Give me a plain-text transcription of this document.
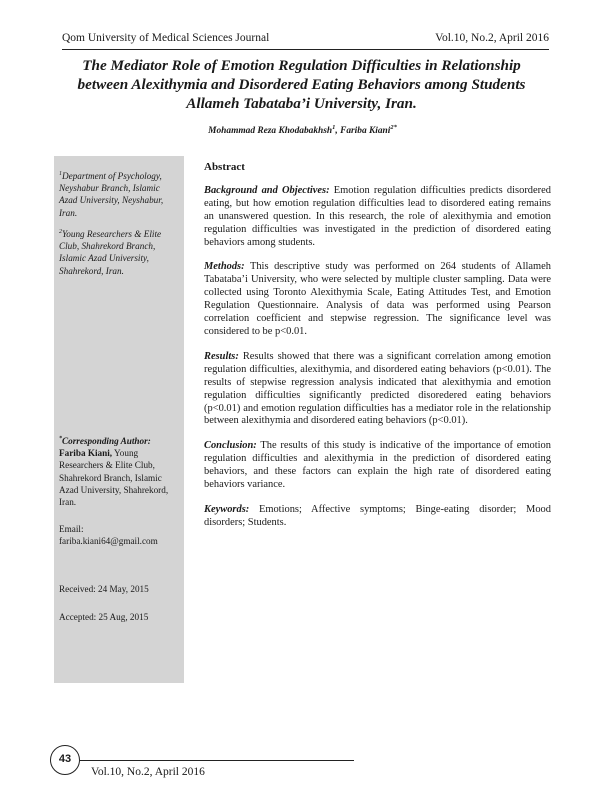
Qom University of Medical Sciences Journal	Vol.10, No.2, April 2016
The Mediator Role of Emotion Regulation Difficulties in Relationship
between Alexithymia and Disordered Eating Behaviors among Students
Allameh Tabataba’i University, Iran.
Mohammad Reza Khodabakhsh$^1$, Fariba Kiani$^{2*}$

$^1$Department of Psychology, Neyshabur Branch, Islamic Azad University, Neyshabur, Iran.

$^2$Young Researchers & Elite Club, Shahrekord Branch, Islamic Azad University, Shahrekord, Iran.

*Corresponding Author:
Fariba Kiani, Young Researchers & Elite Club, Shahrekord Branch, Islamic Azad University, Shahrekord, Iran.
Email:
fariba.kiani64@gmail.com
Received: 24 May, 2015
Accepted: 25 Aug, 2015

Abstract

Background and Objectives: Emotion regulation difficulties predicts disordered eating, but how emotion regulation difficulties lead to disordered eating remains an unanswered question. In this research, the role of alexithymia and emotion regulation difficulties was investigated in the prediction of disordered eating behaviors among students.

Methods: This descriptive study was performed on 264 students of Allameh Tabataba’i University, who were selected by multiple cluster sampling. Data were collected using Toronto Alexithymia Scale, Eating Attitudes Test, and Emotion Regulation Questionnaire. Analysis of data was performed using Pearson correlation coefficient and stepwise regression. The significance level was considered to be p<0.01.

Results: Results showed that there was a significant correlation among emotion regulation difficulties, alexithymia, and disordered eating behaviors (p<0.01). The results of stepwise regression analysis indicated that alexithymia and emotion regulation difficulties significantly predicted disoredered eating behaviors (p<0.01) and emotion regulation difficulties has a mediator role in the relationship between alexithymia and disordered eating behaviors (p<0.01).

Conclusion: The results of this study is indicative of the importance of emotion regulation difficulties and alexithymia in the prediction of disordered eating behaviors, and these factors can explain the high rate of disordered eating behaviors variance.

Keywords: Emotions; Affective symptoms; Binge-eating disorder; Mood disorders; Students.

43
Vol.10, No.2, April 2016
